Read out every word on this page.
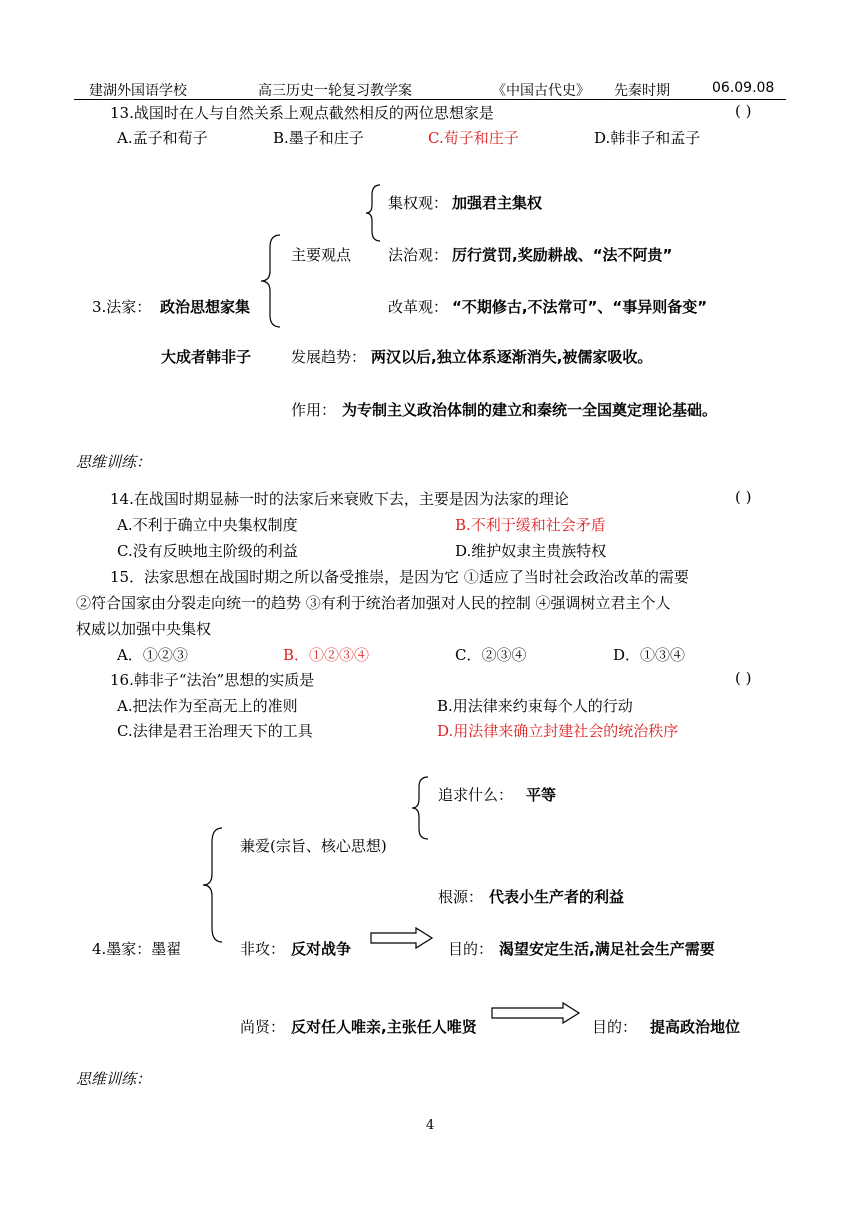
建湖外国语学校	高三历史一轮复习教学案	《中国古代史》 先秦时期	06.09.08
13.战国时在人与自然关系上观点截然相反的两位思想家是	( )
A.孟子和荀子	B.墨子和庄子	C.荀子和庄子	D.韩非子和孟子
集权观： 加强君主集权
主要观点 法治观： 厉行赏罚,奖励耕战、“法不阿贵”
3.法家： 政治思想家集	改革观： “不期修古,不法常可”、“事异则备变”
大成者韩非子	发展趋势： 两汉以后,独立体系逐渐消失,被儒家吸收。
作用： 为专制主义政治体制的建立和秦统一全国奠定理论基础。
思维训练：
14.在战国时期显赫一时的法家后来衰败下去，主要是因为法家的理论	( )
A.不利于确立中央集权制度	B.不利于缓和社会矛盾
C.没有反映地主阶级的利益	D.维护奴隶主贵族特权
15．法家思想在战国时期之所以备受推崇，是因为它 ①适应了当时社会政治改革的需要
②符合国家由分裂走向统一的趋势 ③有利于统治者加强对人民的控制 ④强调树立君主个人
权威以加强中央集权
A．①②③	B．①②③④	C．②③④	D．①③④
16.韩非子“法治”思想的实质是	( )
A.把法作为至高无上的准则	B.用法律来约束每个人的行动
C.法律是君王治理天下的工具	D.用法律来确立封建社会的统治秩序
追求什么： 平等
兼爱(宗旨、核心思想)
根源： 代表小生产者的利益
4.墨家：墨翟	非攻： 反对战争	目的： 渴望安定生活,满足社会生产需要
尚贤： 反对任人唯亲,主张任人唯贤	目的： 提高政治地位
思维训练：
4
